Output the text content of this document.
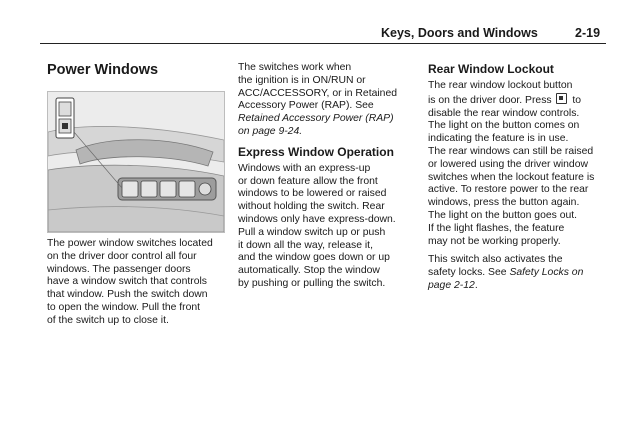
Keys, Doors and Windows	2-19
Power Windows
The power window switches located
on the driver door control all four
windows. The passenger doors
have a window switch that controls
that window. Push the switch down
to open the window. Pull the front
of the switch up to close it.
The switches work when
the ignition is in ON/RUN or
ACC/ACCESSORY, or in Retained
Accessory Power (RAP). See
Retained Accessory Power (RAP)
on page 9-24.
Express Window Operation
Windows with an express-up
or down feature allow the front
windows to be lowered or raised
without holding the switch. Rear
windows only have express-down.
Pull a window switch up or push
it down all the way, release it,
and the window goes down or up
automatically. Stop the window
by pushing or pulling the switch.
Rear Window Lockout
The rear window lockout button
is on the driver door. Press to
disable the rear window controls.
The light on the button comes on
indicating the feature is in use.
The rear windows can still be raised
or lowered using the driver window
switches when the lockout feature is
active. To restore power to the rear
windows, press the button again.
The light on the button goes out.
If the light flashes, the feature
may not be working properly.
This switch also activates the
safety locks. See Safety Locks on
page 2-12.
